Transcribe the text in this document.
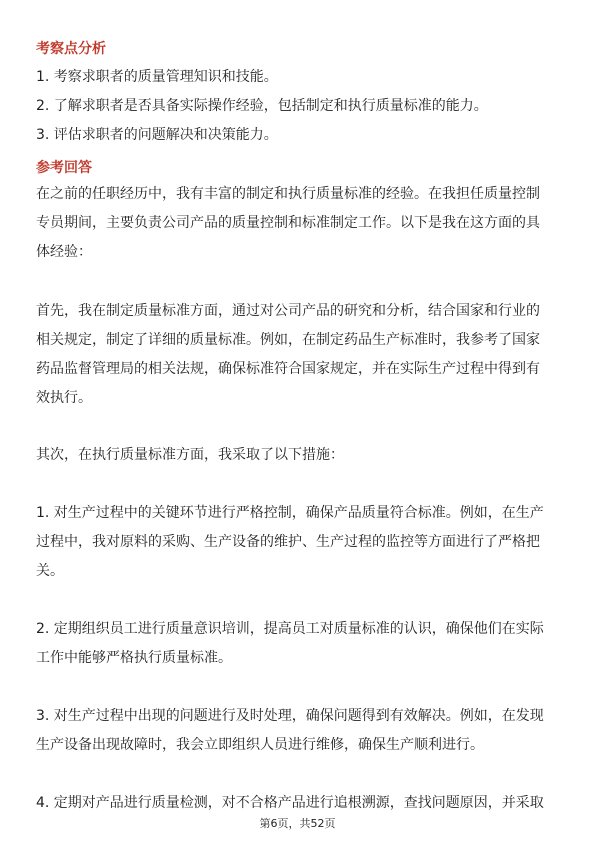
考察点分析
1. 考察求职者的质量管理知识和技能。
2. 了解求职者是否具备实际操作经验，包括制定和执行质量标准的能力。
3. 评估求职者的问题解决和决策能力。
参考回答
在之前的任职经历中，我有丰富的制定和执行质量标准的经验。在我担任质量控制
专员期间，主要负责公司产品的质量控制和标准制定工作。以下是我在这方面的具
体经验：
首先，我在制定质量标准方面，通过对公司产品的研究和分析，结合国家和行业的
相关规定，制定了详细的质量标准。例如，在制定药品生产标准时，我参考了国家
药品监督管理局的相关法规，确保标准符合国家规定，并在实际生产过程中得到有
效执行。
其次，在执行质量标准方面，我采取了以下措施：
1. 对生产过程中的关键环节进行严格控制，确保产品质量符合标准。例如，在生产
过程中，我对原料的采购、生产设备的维护、生产过程的监控等方面进行了严格把
关。
2. 定期组织员工进行质量意识培训，提高员工对质量标准的认识，确保他们在实际
工作中能够严格执行质量标准。
3. 对生产过程中出现的问题进行及时处理，确保问题得到有效解决。例如，在发现
生产设备出现故障时，我会立即组织人员进行维修，确保生产顺利进行。
4. 定期对产品进行质量检测，对不合格产品进行追根溯源，查找问题原因，并采取
第6页，共52页
